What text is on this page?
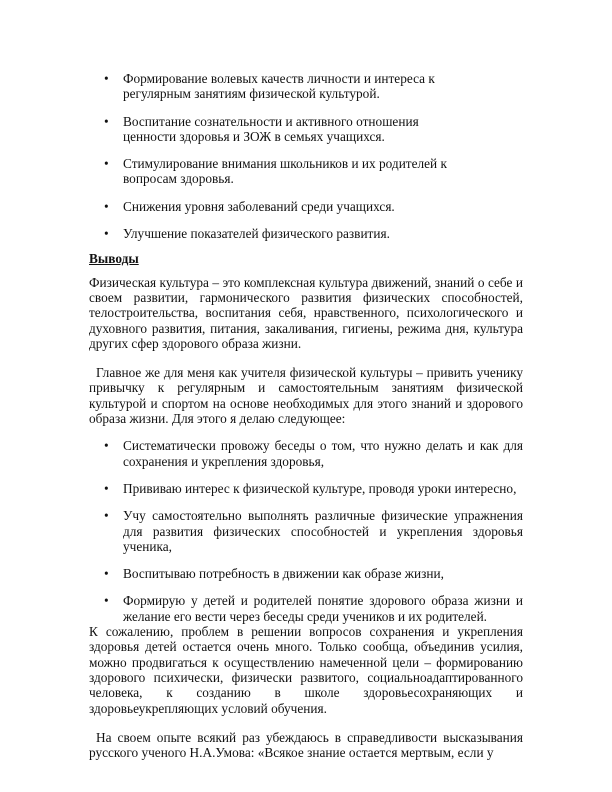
• Формирование волевых качеств личности и интереса к регулярным занятиям физической культурой.
• Воспитание сознательности и активного отношения ценности здоровья и ЗОЖ в семьях учащихся.
• Стимулирование внимания школьников и их родителей к вопросам здоровья.
• Снижения уровня заболеваний среди учащихся.
• Улучшение показателей физического развития.
Выводы

Физическая культура – это комплексная культура движений, знаний о себе и своем развитии, гармонического развития физических способностей, телостроительства, воспитания себя, нравственного, психологического и духовного развития, питания, закаливания, гигиены, режима дня, культура других сфер здорового образа жизни.

Главное же для меня как учителя физической культуры – привить ученику привычку к регулярным и самостоятельным занятиям физической культурой и спортом на основе необходимых для этого знаний и здорового образа жизни. Для этого я делаю следующее:

• Систематически провожу беседы о том, что нужно делать и как для сохранения и укрепления здоровья,
• Прививаю интерес к физической культуре, проводя уроки интересно,
• Учу самостоятельно выполнять различные физические упражнения для развития физических способностей и укрепления здоровья ученика,
• Воспитываю потребность в движении как образе жизни,
• Формирую у детей и родителей понятие здорового образа жизни и желание его вести через беседы среди учеников и их родителей.

К сожалению, проблем в решении вопросов сохранения и укрепления здоровья детей остается очень много. Только сообща, объединив усилия, можно продвигаться к осуществлению намеченной цели – формированию здорового психически, физически развитого, социальноадаптированного человека, к созданию в школе здоровьесохраняющих и здоровьеукрепляющих условий обучения.

На своем опыте всякий раз убеждаюсь в справедливости высказывания русского ученого Н.А.Умова: «Всякое знание остается мертвым, если у
